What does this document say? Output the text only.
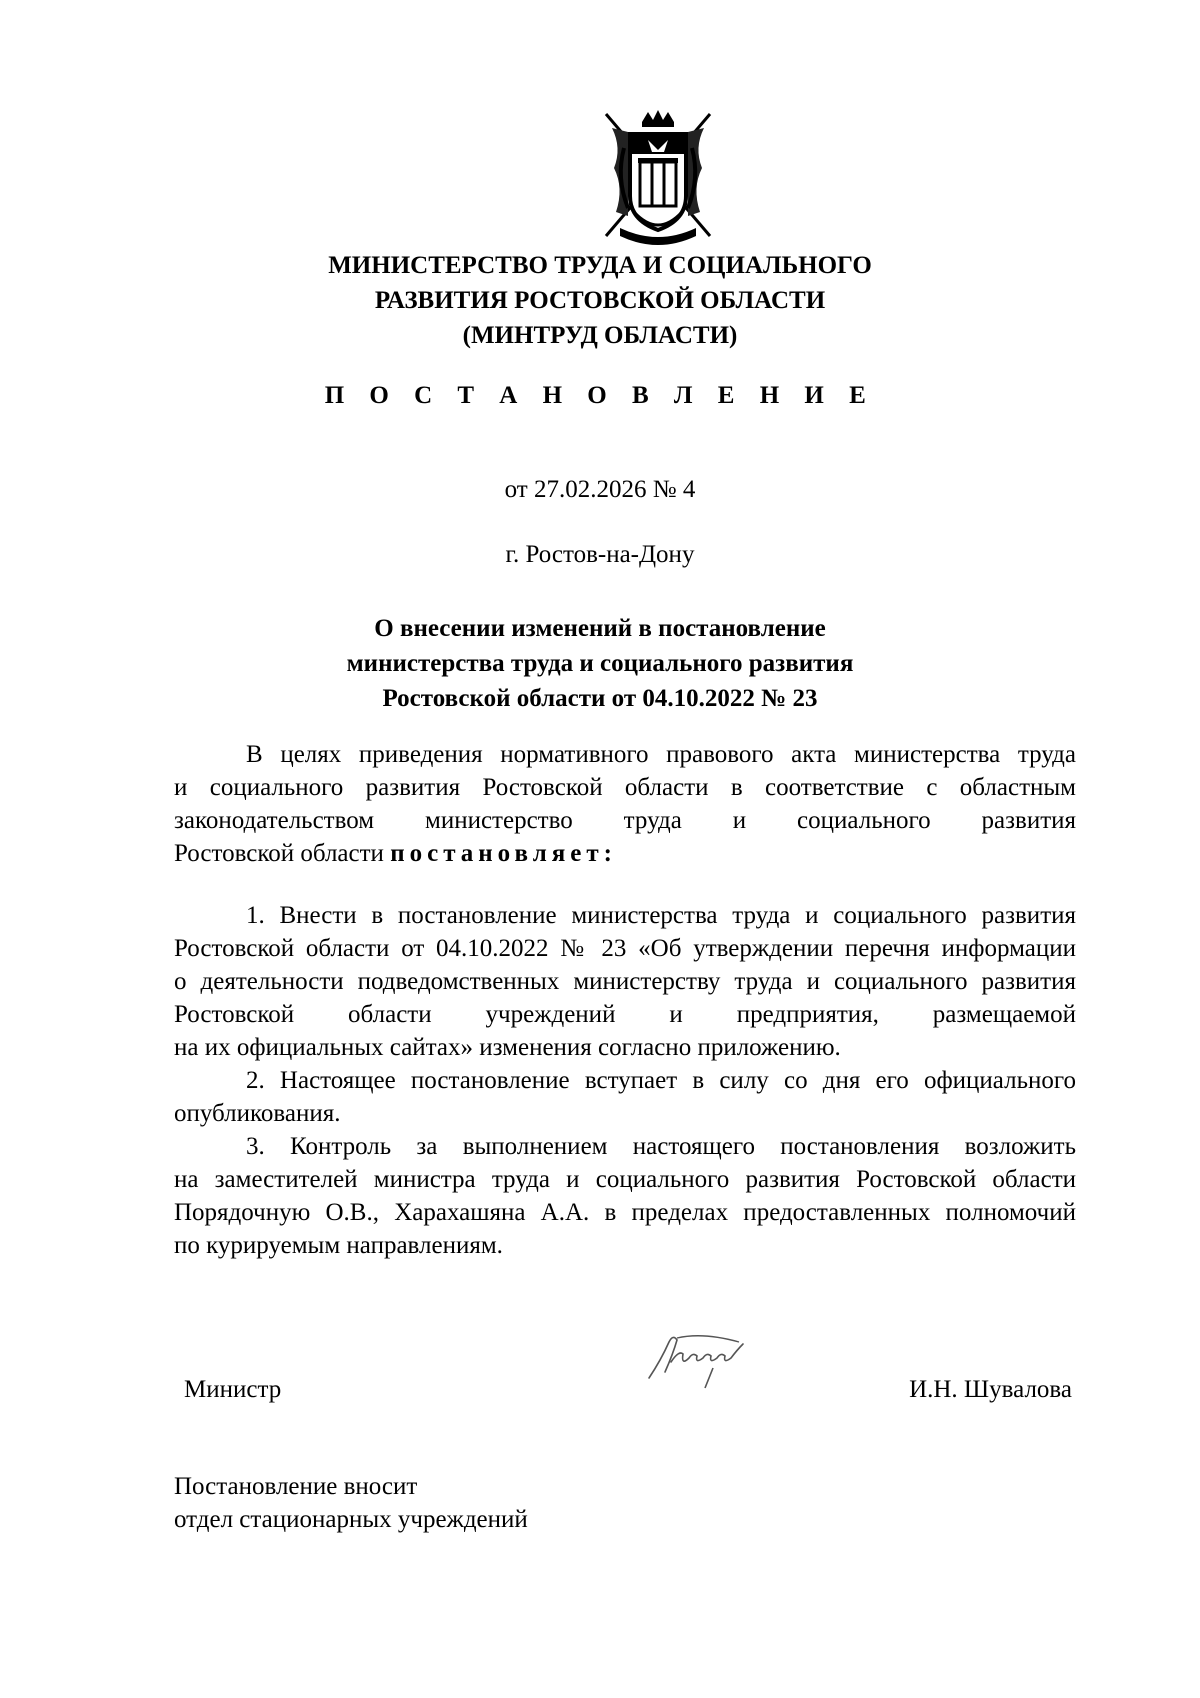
МИНИСТЕРСТВО ТРУДА И СОЦИАЛЬНОГО
РАЗВИТИЯ РОСТОВСКОЙ ОБЛАСТИ
(МИНТРУД ОБЛАСТИ)
П О С Т А Н О В Л Е Н И Е
от 27.02.2026 № 4
г. Ростов-на-Дону
О внесении изменений в постановление
министерства труда и социального развития
Ростовской области от 04.10.2022 № 23
В целях приведения нормативного правового акта министерства труда
и социального развития Ростовской области в соответствие с областным
законодательством министерство труда и социального развития
Ростовской области постановляет:
1. Внести в постановление министерства труда и социального развития
Ростовской области от 04.10.2022 № 23 «Об утверждении перечня информации
о деятельности подведомственных министерству труда и социального развития
Ростовской области учреждений и предприятия, размещаемой
на их официальных сайтах» изменения согласно приложению.
2. Настоящее постановление вступает в силу со дня его официального
опубликования.
3. Контроль за выполнением настоящего постановления возложить
на заместителей министра труда и социального развития Ростовской области
Порядочную О.В., Харахашяна А.А. в пределах предоставленных полномочий
по курируемым направлениям.
Министр	И.Н. Шувалова
Постановление вносит
отдел стационарных учреждений
